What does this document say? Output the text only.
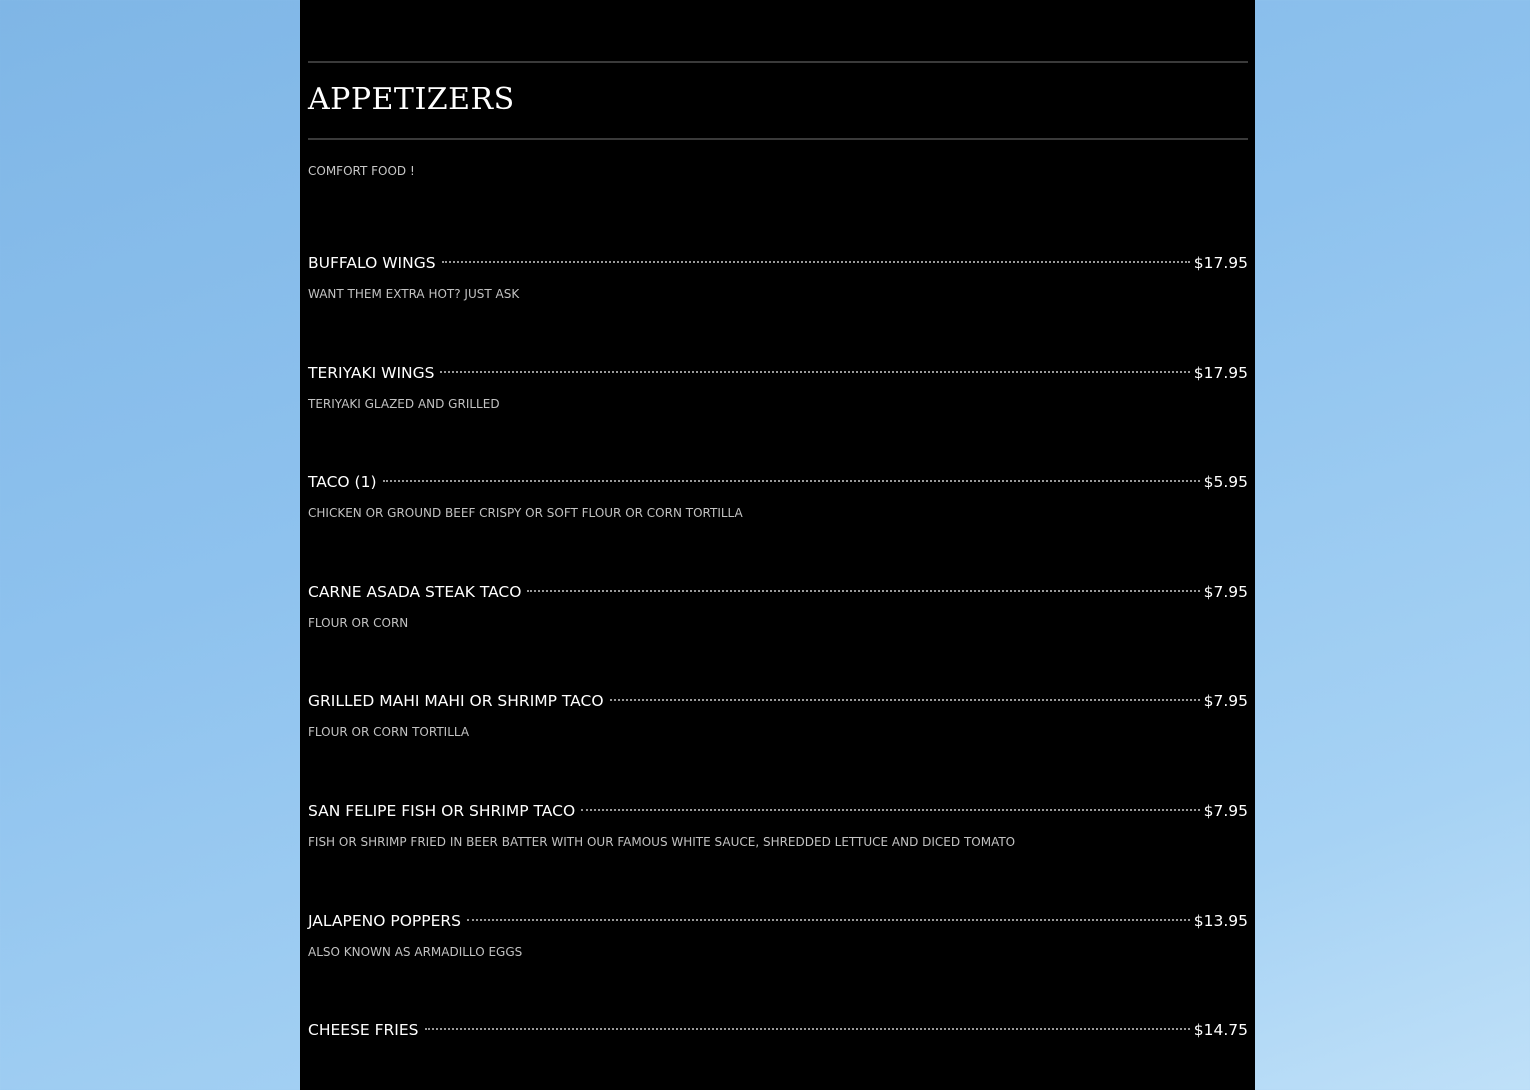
APPETIZERS
COMFORT FOOD !
BUFFALO WINGS	$17.95
WANT THEM EXTRA HOT? JUST ASK
TERIYAKI WINGS	$17.95
TERIYAKI GLAZED AND GRILLED
TACO (1)	$5.95
CHICKEN OR GROUND BEEF CRISPY OR SOFT FLOUR OR CORN TORTILLA
CARNE ASADA STEAK TACO	$7.95
FLOUR OR CORN
GRILLED MAHI MAHI OR SHRIMP TACO	$7.95
FLOUR OR CORN TORTILLA
SAN FELIPE FISH OR SHRIMP TACO	$7.95
FISH OR SHRIMP FRIED IN BEER BATTER WITH OUR FAMOUS WHITE SAUCE, SHREDDED LETTUCE AND DICED TOMATO
JALAPENO POPPERS	$13.95
ALSO KNOWN AS ARMADILLO EGGS
CHEESE FRIES	$14.75
